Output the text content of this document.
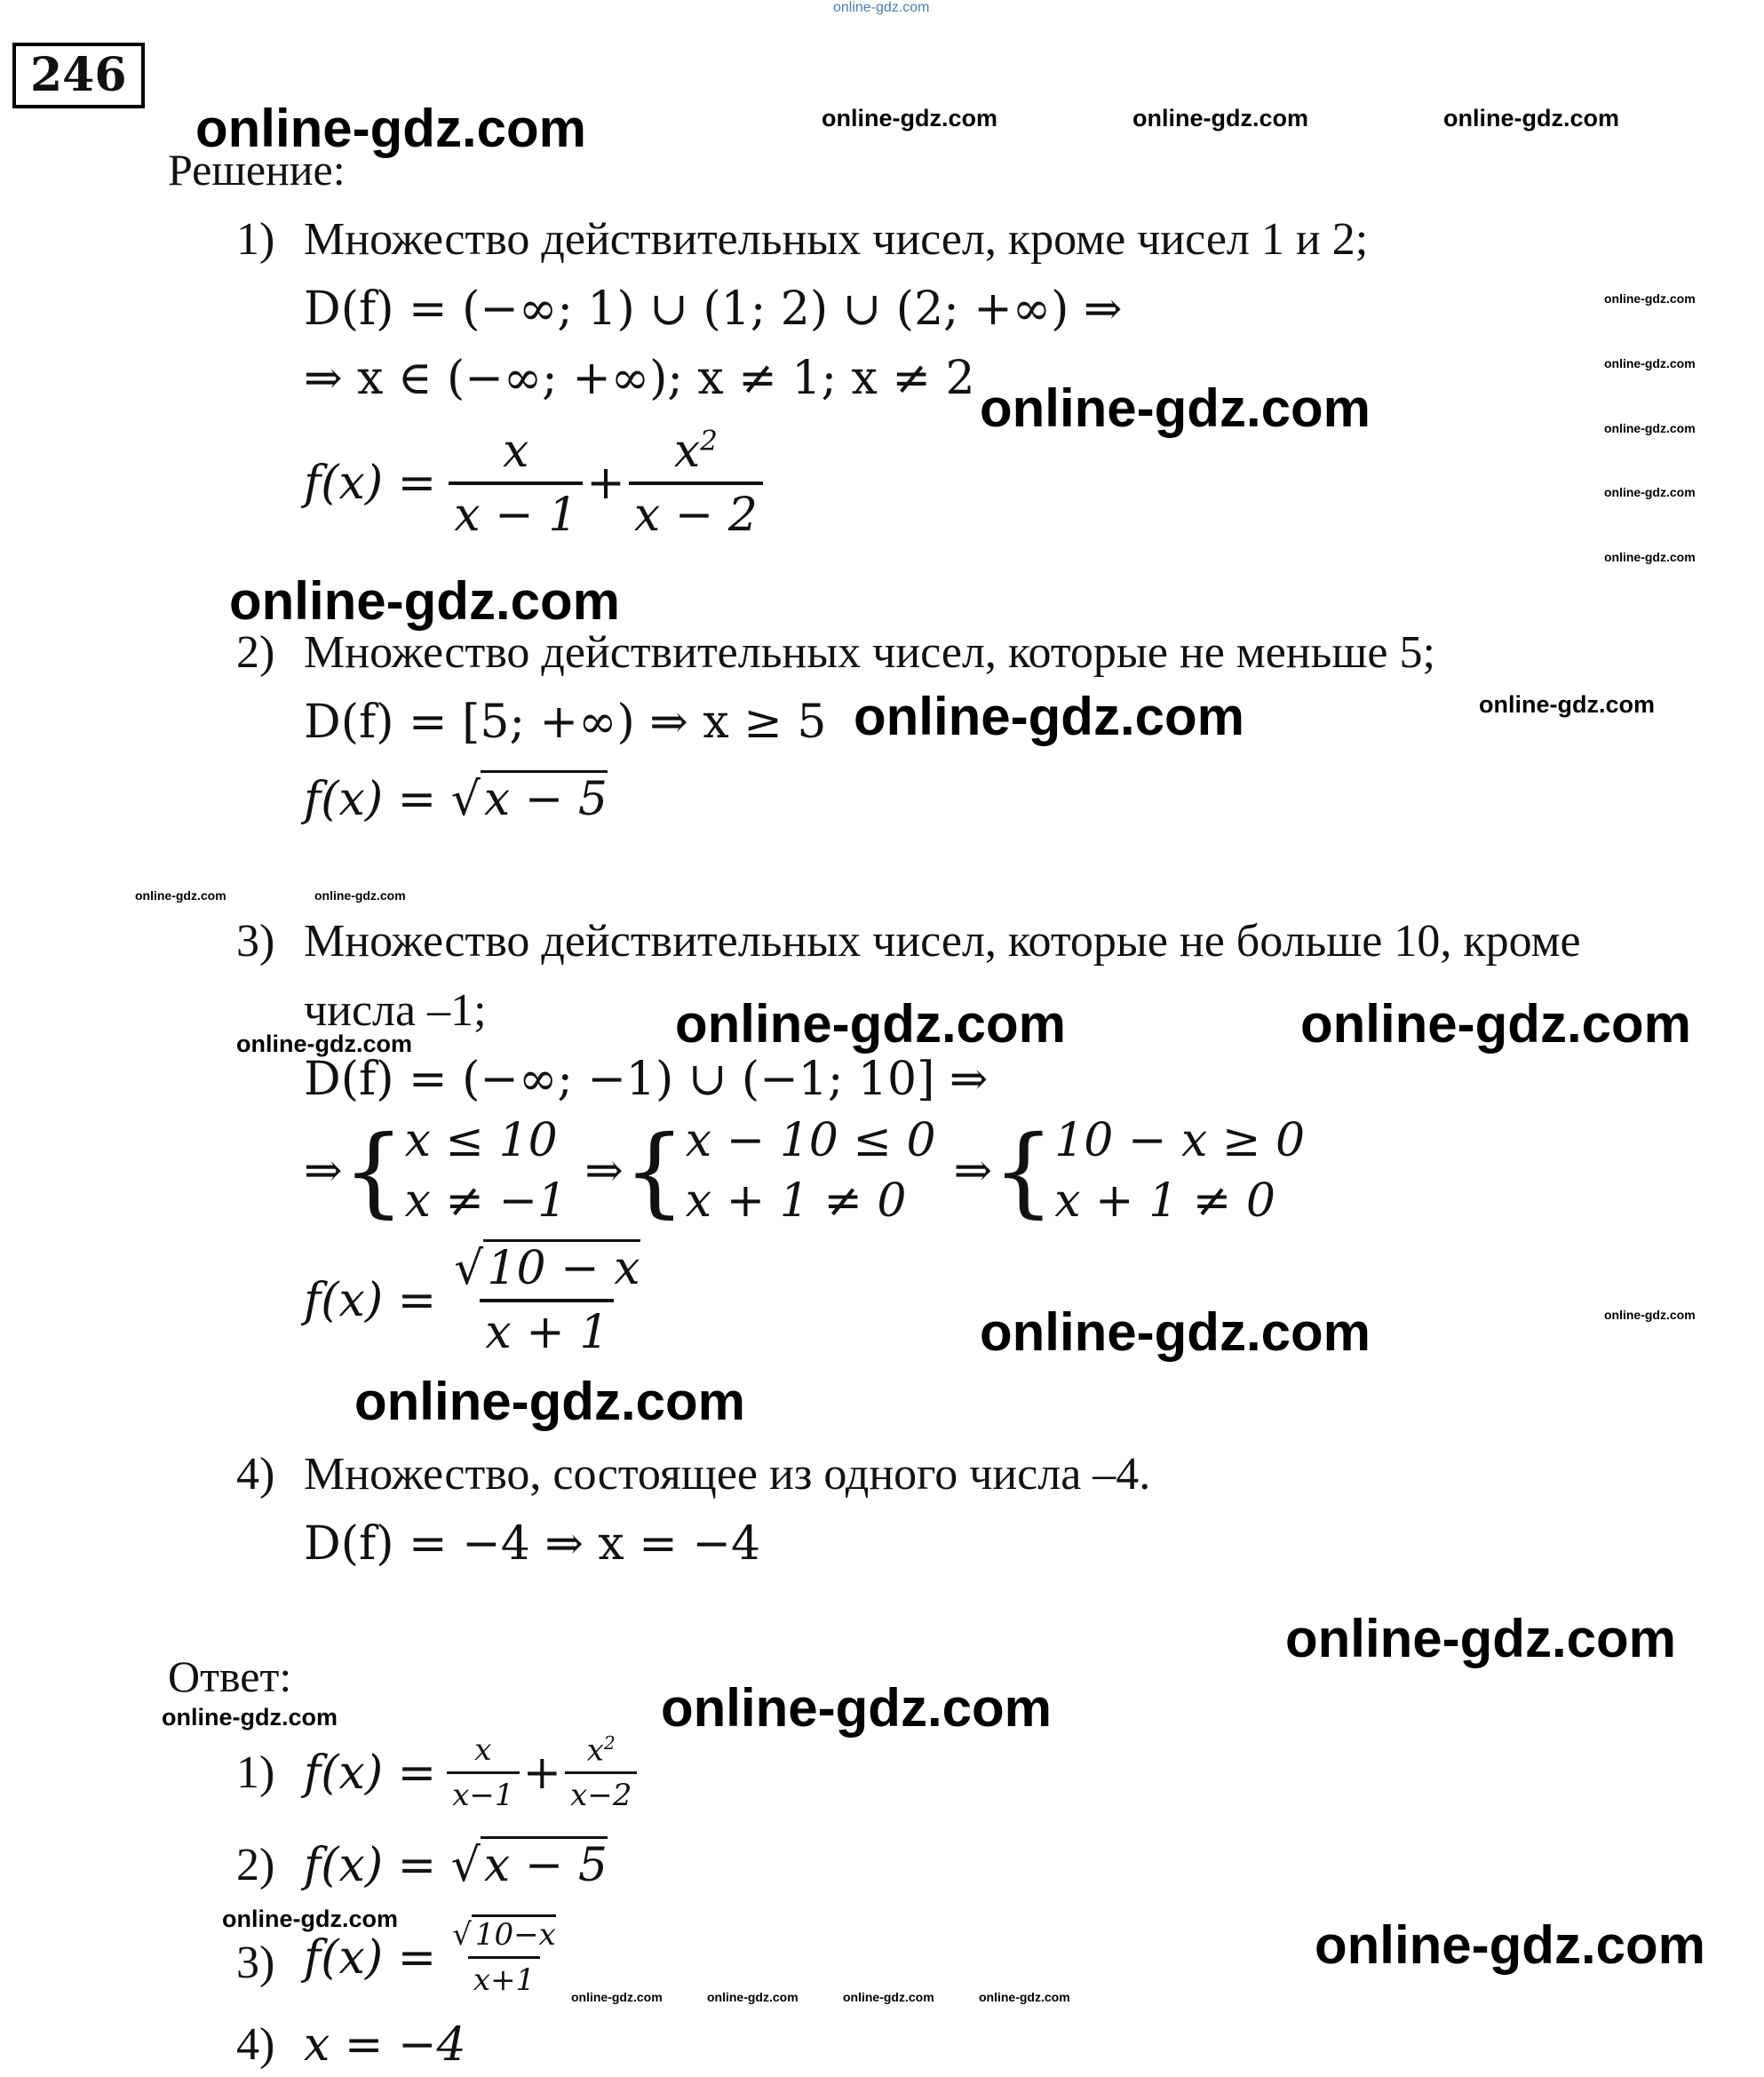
online-gdz.com
246
online-gdz.com
online-gdz.com
online-gdz.com
online-gdz.com
online-gdz.com	online-gdz.com
online-gdz.com
online-gdz.com
online-gdz.com
online-gdz.com
online-gdz.com
online-gdz.com	online-gdz.com	online-gdz.com
online-gdz.com
online-gdz.com
online-gdz.com
online-gdz.com
online-gdz.com
online-gdz.com
online-gdz.com
online-gdz.com
online-gdz.com
online-gdz.com	online-gdz.com
online-gdz.com
online-gdz.com	online-gdz.com	online-gdz.com	online-gdz.com
Решение:
1) Множество действительных чисел, кроме чисел 1 и 2;
D(f) = (−∞; 1) ∪ (1; 2) ∪ (2; +∞) ⇒
⇒ x ∈ (−∞; +∞); x ≠ 1; x ≠ 2
$f(x) = \frac{x}{x - 1} + \frac{x^2}{x - 2}$
2) Множество действительных чисел, которые не меньше 5;
D(f) = [5; +∞) ⇒ x ≥ 5
f(x) = √x − 5
3) Множество действительных чисел, которые не больше 10, кроме
числа –1;
D(f) = (−∞; −1) ∪ (−1; 10] ⇒
⇒ { x ≤ 10
x ≠ −1
⇒ { x − 10 ≤ 0
x + 1 ≠ 0
⇒ { 10 − x ≥ 0
x + 1 ≠ 0
$f(x) = \frac{√10 - x}{x + 1}$
4) Множество, состоящее из одного числа –4.
D(f) = −4 ⇒ x = −4
Ответ:
1) $f(x) = \frac{x}{x-1} + \frac{x^2}{x-2}$
2) f(x) = √x − 5
3) $f(x) = \frac{√ 10-x}{x+1}$
4) x = −4
